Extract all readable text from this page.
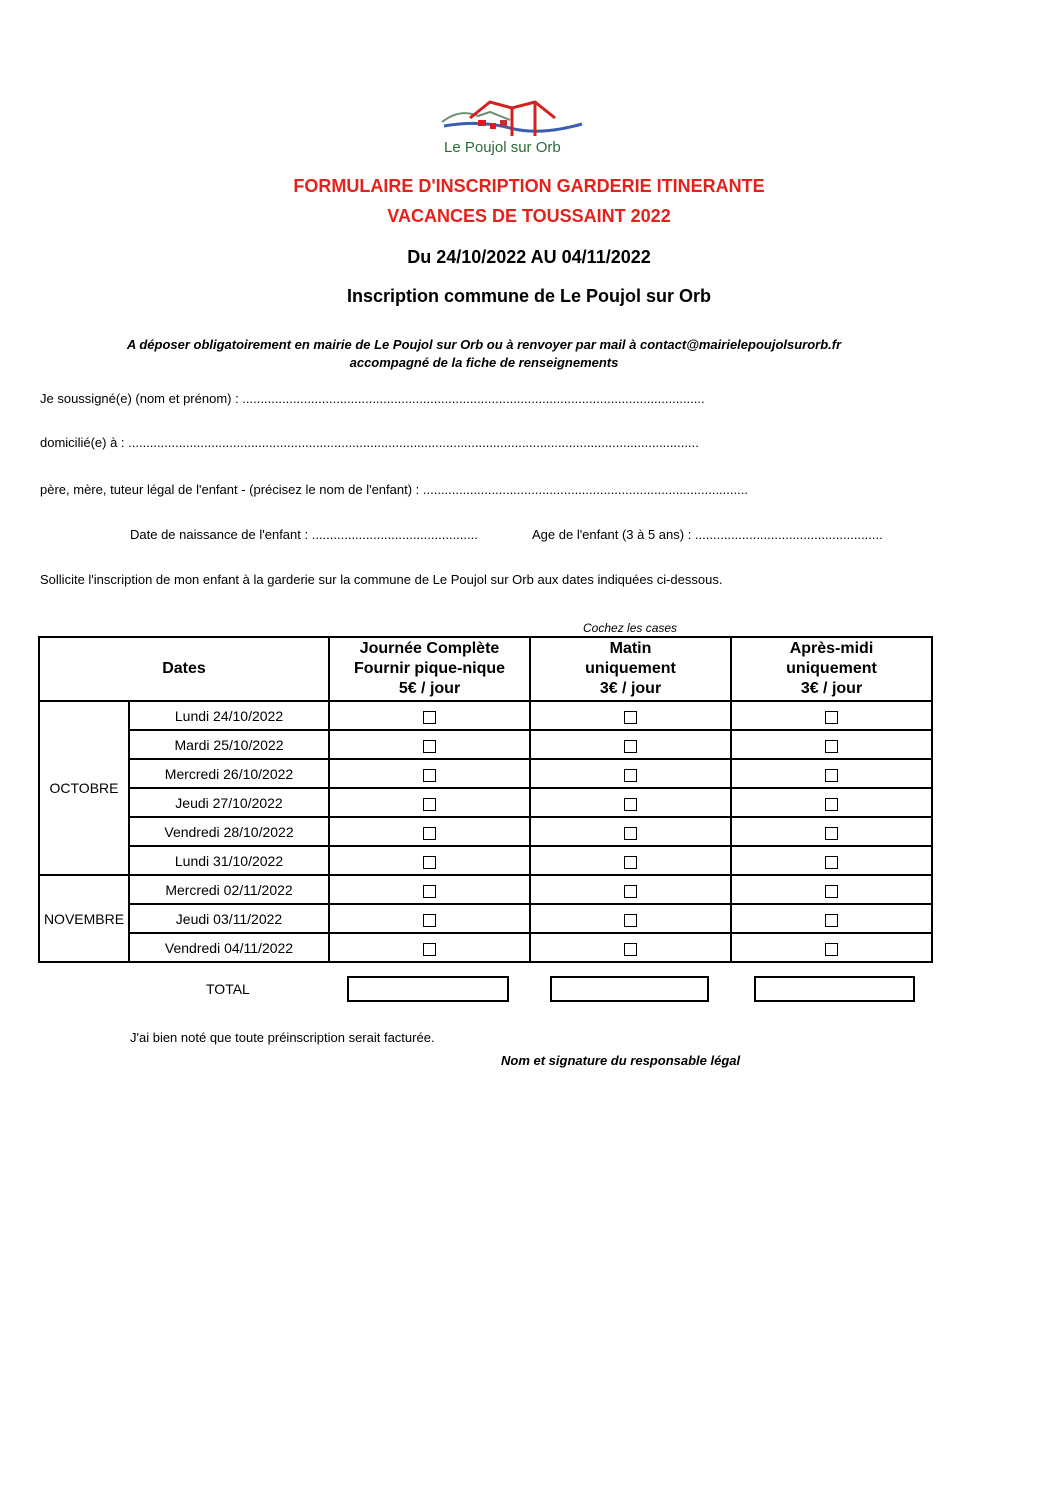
Le Poujol sur Orb
FORMULAIRE D'INSCRIPTION GARDERIE ITINERANTE
VACANCES DE TOUSSAINT 2022
Du 24/10/2022 AU 04/11/2022
Inscription commune de Le Poujol sur Orb
A déposer obligatoirement en mairie de Le Poujol sur Orb ou à renvoyer par mail à contact@mairielepoujolsurorb.fr
accompagné de la fiche de renseignements
Je soussigné(e) (nom et prénom) : ................................................................................................................................
domicilié(e) à : ..............................................................................................................................................................
père, mère, tuteur légal de l'enfant - (précisez le nom de l'enfant) : ..........................................................................................
Date de naissance de l'enfant : ..............................................	Age de l'enfant (3 à 5 ans) : ....................................................
Sollicite l'inscription de mon enfant à la garderie sur la commune de Le Poujol sur Orb aux dates indiquées ci-dessous.
Cochez les cases
Dates		Journée Complète
Fournir pique-nique
5€ / jour	Matin
uniquement
3€ / jour	Après-midi
uniquement
3€ / jour

OCTOBRE	Lundi 24/10/2022			
	Mardi 25/10/2022			
	Mercredi 26/10/2022			
	Jeudi 27/10/2022			
	Vendredi 28/10/2022			
	Lundi 31/10/2022			
NOVEMBRE	Mercredi 02/11/2022			
	Jeudi 03/11/2022			
	Vendredi 04/11/2022			
TOTAL
J'ai bien noté que toute préinscription serait facturée.
Nom et signature du responsable légal
